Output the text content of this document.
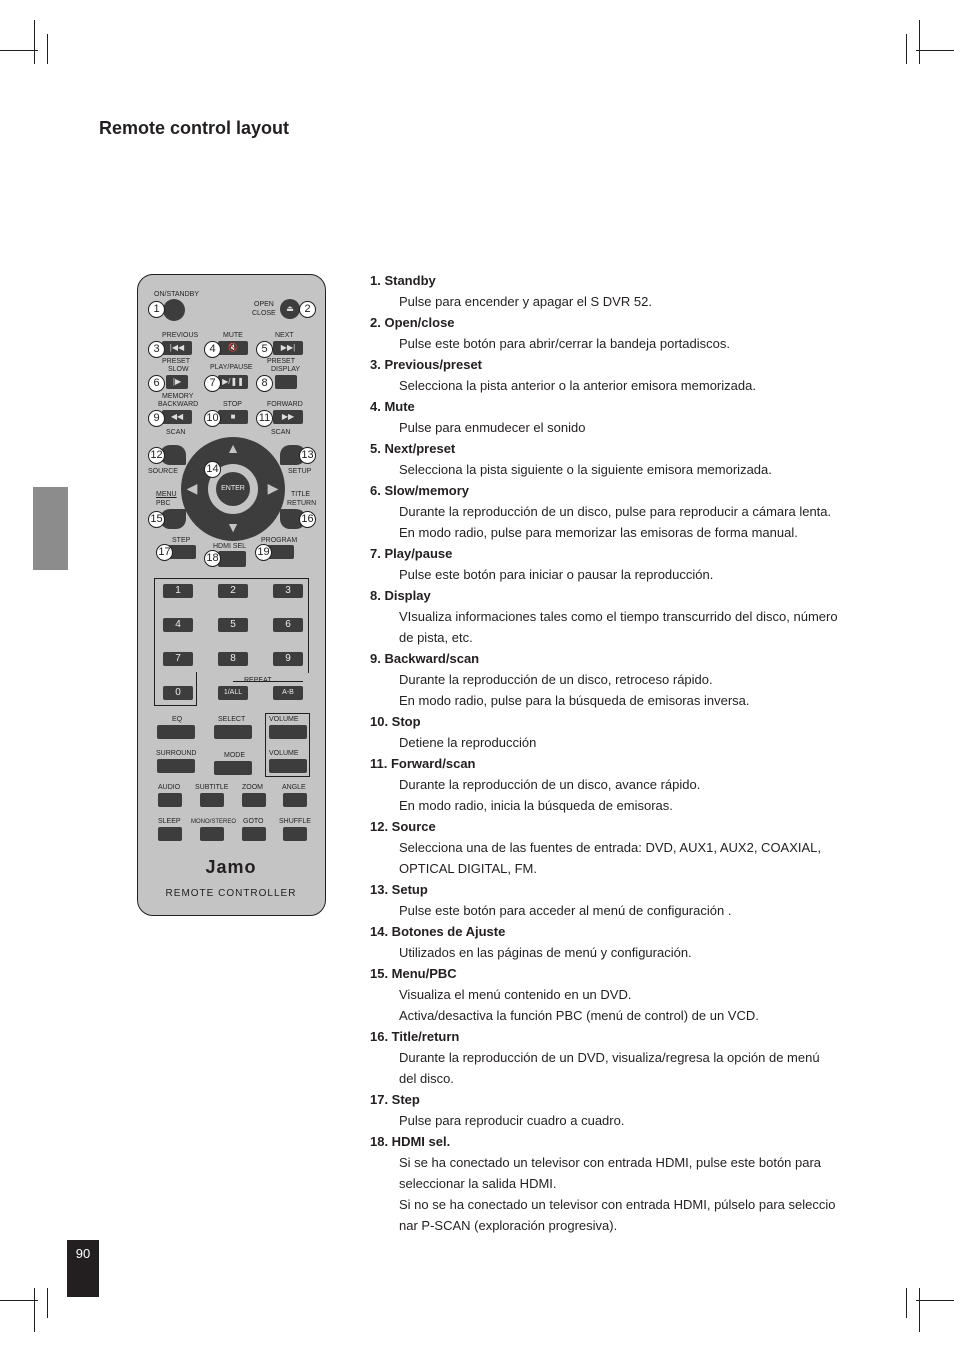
Remote control layout
90
ON/STANDBY
1	OPEN
CLOSE
⏏ 2
PREVIOUS	MUTE	NEXT
|◀◀	🔇	▶▶|
3	4	5
PRESET
SLOW	PLAY/PAUSE
PRESET
DISPLAY
|▶	▶/❚❚
6	7	8
MEMORY
BACKWARD	STOP	FORWARD
◀◀	■	▶▶
9	10	11
SCAN	SCAN
ENTER
▲
▼
◀	▶
12	13
SOURCE	SETUP
14
MENU
PBC
TITLE
RETURN
15	16
STEP
HDMI SEL
PROGRAM
17	18	19
1	2	3
4	5	6
7	8	9
0
REPEAT
1/ALL	A-B
EQ	SELECT	VOLUME
SURROUND	MODE	VOLUME
AUDIO SUBTITLE ZOOM	ANGLE
SLEEP MONO/STEREO GOTO SHUFFLE
Jamo
REMOTE CONTROLLER
1. Standby
Pulse para encender y apagar el S DVR 52.
2. Open/close
Pulse este botón para abrir/cerrar la bandeja portadiscos.
3. Previous/preset
Selecciona la pista anterior o la anterior emisora memorizada.
4. Mute
Pulse para enmudecer el sonido
5. Next/preset
Selecciona la pista siguiente o la siguiente emisora memorizada.
6. Slow/memory
Durante la reproducción de un disco, pulse para reproducir a cámara lenta.
En modo radio, pulse para memorizar las emisoras de forma manual.
7. Play/pause
Pulse este botón para iniciar o pausar la reproducción.
8. Display
VIsualiza informaciones tales como el tiempo transcurrido del disco, número
de pista, etc.
9. Backward/scan
Durante la reproducción de un disco, retroceso rápido.
En modo radio, pulse para la búsqueda de emisoras inversa.
10. Stop
Detiene la reproducción
11. Forward/scan
Durante la reproducción de un disco, avance rápido.
En modo radio, inicia la búsqueda de emisoras.
12. Source
Selecciona una de las fuentes de entrada: DVD, AUX1, AUX2, COAXIAL,
OPTICAL DIGITAL, FM.
13. Setup
Pulse este botón para acceder al menú de configuración .
14. Botones de Ajuste
Utilizados en las páginas de menú y configuración.
15. Menu/PBC
Visualiza el menú contenido en un DVD.
Activa/desactiva la función PBC (menú de control) de un VCD.
16. Title/return
Durante la reproducción de un DVD, visualiza/regresa la opción de menú
del disco.
17. Step
Pulse para reproducir cuadro a cuadro.
18. HDMI sel.
Si se ha conectado un televisor con entrada HDMI, pulse este botón para
seleccionar la salida HDMI.
Si no se ha conectado un televisor con entrada HDMI, púlselo para seleccio
nar P-SCAN (exploración progresiva).
